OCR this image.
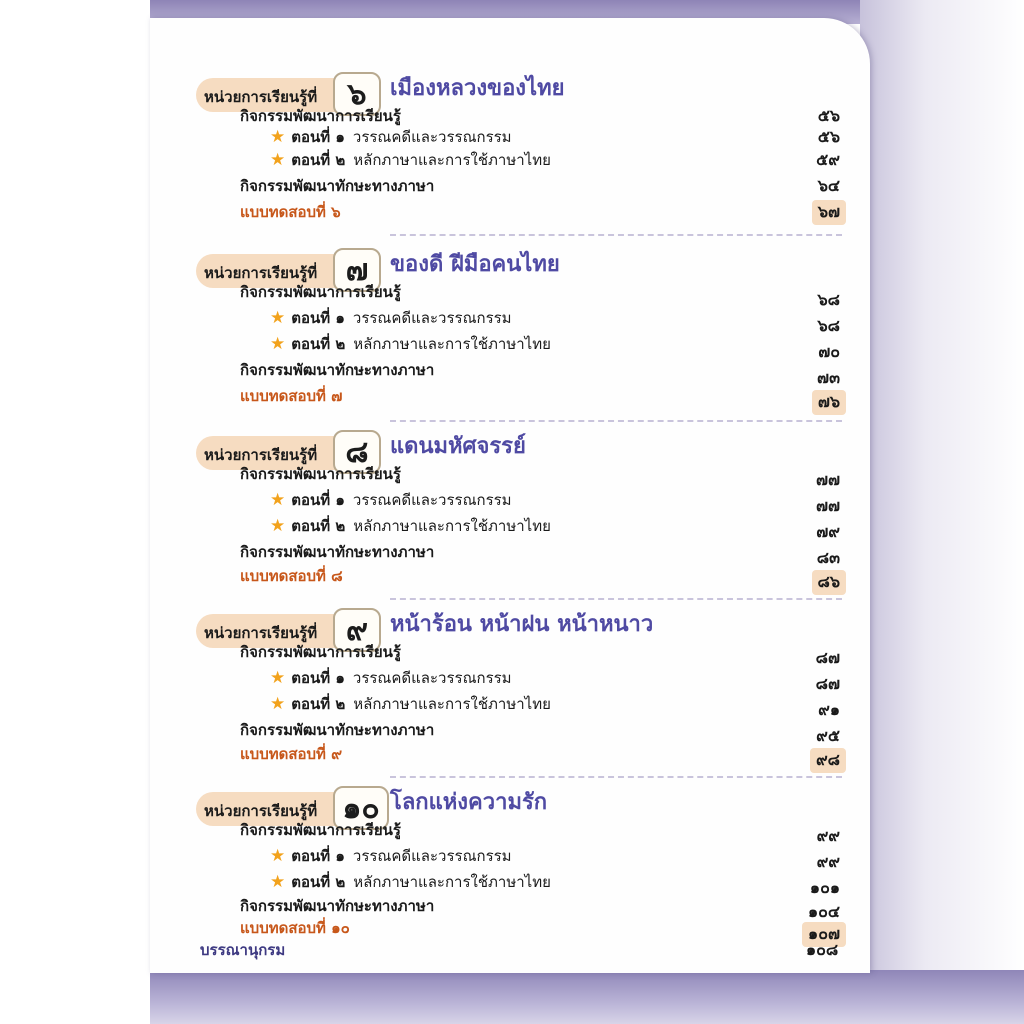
หน่วยการเรียนรู้ที่	๖	เมืองหลวงของไทย
กิจกรรมพัฒนาการเรียนรู้	๕๖
★ ตอนที่ ๑ วรรณคดีและวรรณกรรม	๕๖
★ ตอนที่ ๒ หลักภาษาและการใช้ภาษาไทย	๕๙
กิจกรรมพัฒนาทักษะทางภาษา	๖๔
แบบทดสอบที่ ๖	๖๗
หน่วยการเรียนรู้ที่ ๗ ของดี ฝีมือคนไทย
กิจกรรมพัฒนาการเรียนรู้	๖๘
★ ตอนที่ ๑ วรรณคดีและวรรณกรรม	๖๘
★ ตอนที่ ๒ หลักภาษาและการใช้ภาษาไทย	๗๐
กิจกรรมพัฒนาทักษะทางภาษา	๗๓
แบบทดสอบที่ ๗	๗๖
หน่วยการเรียนรู้ที่ ๘ แดนมหัศจรรย์
กิจกรรมพัฒนาการเรียนรู้	๗๗
★ ตอนที่ ๑ วรรณคดีและวรรณกรรม	๗๗
★ ตอนที่ ๒ หลักภาษาและการใช้ภาษาไทย	๗๙
กิจกรรมพัฒนาทักษะทางภาษา	๘๓
แบบทดสอบที่ ๘	๘๖
หน่วยการเรียนรู้ที่ ๙	หน้าร้อน หน้าฝน หน้าหนาว
กิจกรรมพัฒนาการเรียนรู้	๘๗
★ ตอนที่ ๑ วรรณคดีและวรรณกรรม	๘๗
★ ตอนที่ ๒ หลักภาษาและการใช้ภาษาไทย	๙๑
กิจกรรมพัฒนาทักษะทางภาษา	๙๕
แบบทดสอบที่ ๙	๙๘
หน่วยการเรียนรู้ที่ ๑๐ โลกแห่งความรัก
กิจกรรมพัฒนาการเรียนรู้	๙๙
★ ตอนที่ ๑ วรรณคดีและวรรณกรรม	๙๙
★ ตอนที่ ๒ หลักภาษาและการใช้ภาษาไทย	๑๐๑
กิจกรรมพัฒนาทักษะทางภาษา	๑๐๔
แบบทดสอบที่ ๑๐	๑๐๗
บรรณานุกรม	๑๐๘
